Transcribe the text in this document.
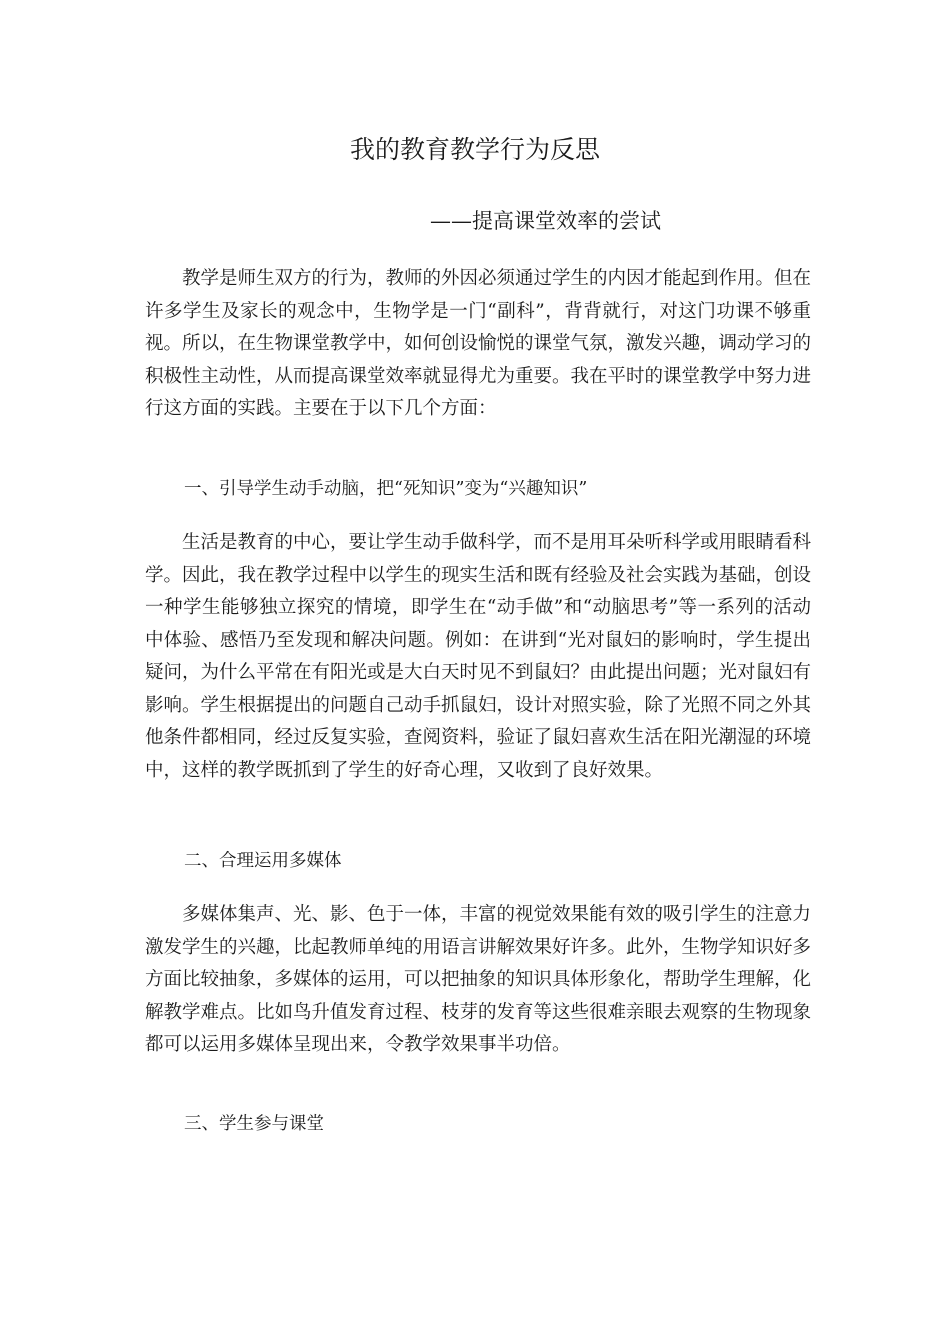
我的教育教学行为反思
——提高课堂效率的尝试

教学是师生双方的行为，教师的外因必须通过学生的内因才能起到作用。但在许多学生及家长的观念中，生物学是一门“副科”，背背就行，对这门功课不够重视。所以，在生物课堂教学中，如何创设愉悦的课堂气氛，激发兴趣，调动学习的积极性主动性，从而提高课堂效率就显得尤为重要。我在平时的课堂教学中努力进行这方面的实践。主要在于以下几个方面：

一、引导学生动手动脑，把“死知识”变为“兴趣知识”

生活是教育的中心，要让学生动手做科学，而不是用耳朵听科学或用眼睛看科学。因此，我在教学过程中以学生的现实生活和既有经验及社会实践为基础，创设一种学生能够独立探究的情境，即学生在“动手做”和“动脑思考”等一系列的活动中体验、感悟乃至发现和解决问题。例如：在讲到“光对鼠妇的影响时，学生提出疑问，为什么平常在有阳光或是大白天时见不到鼠妇？由此提出问题；光对鼠妇有影响。学生根据提出的问题自己动手抓鼠妇，设计对照实验，除了光照不同之外其他条件都相同，经过反复实验，查阅资料，验证了鼠妇喜欢生活在阳光潮湿的环境中，这样的教学既抓到了学生的好奇心理，又收到了良好效果。

二、合理运用多媒体

多媒体集声、光、影、色于一体，丰富的视觉效果能有效的吸引学生的注意力激发学生的兴趣，比起教师单纯的用语言讲解效果好许多。此外，生物学知识好多方面比较抽象，多媒体的运用，可以把抽象的知识具体形象化，帮助学生理解，化解教学难点。比如鸟升值发育过程、枝芽的发育等这些很难亲眼去观察的生物现象都可以运用多媒体呈现出来，令教学效果事半功倍。

三、学生参与课堂
